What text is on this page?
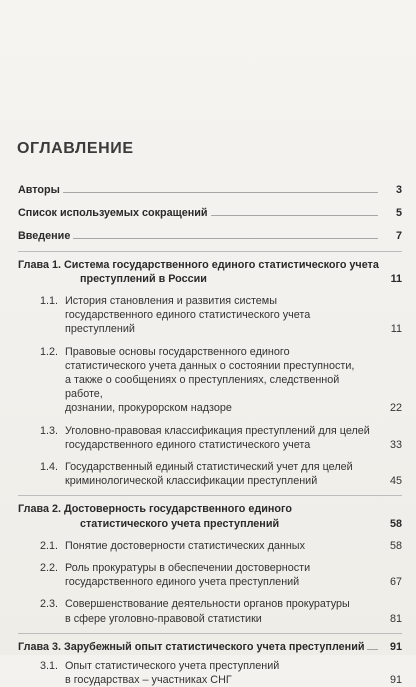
ОГЛАВЛЕНИЕ
Авторы	3
Список используемых сокращений	5
Введение	7
Глава 1. Система государственного единого статистического учета
преступлений в России	11
1.1. История становления и развития системы
государственного единого статистического учета
преступлений	11
1.2. Правовые основы государственного единого
статистического учета данных о состоянии преступности,
а также о сообщениях о преступлениях, следственной работе,
дознании, прокурорском надзоре	22
1.3. Уголовно-правовая классификация преступлений для целей
государственного единого статистического учета	33
1.4. Государственный единый статистический учет для целей
криминологической классификации преступлений	45
Глава 2. Достоверность государственного единого
статистического учета преступлений	58
2.1. Понятие достоверности статистических данных	58
2.2. Роль прокуратуры в обеспечении достоверности
государственного единого учета преступлений	67
2.3. Совершенствование деятельности органов прокуратуры
в сфере уголовно-правовой статистики	81
Глава 3. Зарубежный опыт статистического учета преступлений 91
3.1. Опыт статистического учета преступлений
в государствах – участниках СНГ	91
